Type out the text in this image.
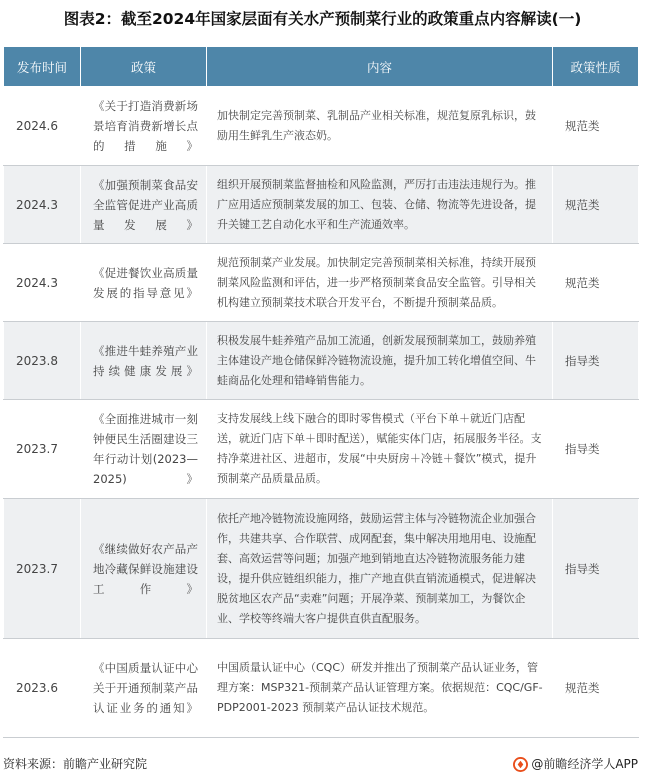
图表2：截至2024年国家层面有关水产预制菜行业的政策重点内容解读(一)
发布时间	政策	内容	政策性质
2024.6	《关于打造消费新场景培育消费新增长点的措施》	加快制定完善预制菜、乳制品产业相关标准，规范复原乳标识，鼓励用生鲜乳生产液态奶。	规范类
2024.3	《加强预制菜食品安全监管促进产业高质量发展》	组织开展预制菜监督抽检和风险监测，严厉打击违法违规行为。推广应用适应预制菜发展的加工、包装、仓储、物流等先进设备，提升关键工艺自动化水平和生产流通效率。	规范类
2024.3	《促进餐饮业高质量发展的指导意见》	规范预制菜产业发展。加快制定完善预制菜相关标准，持续开展预制菜风险监测和评估，进一步严格预制菜食品安全监管。引导相关机构建立预制菜技术联合开发平台，不断提升预制菜品质。	规范类
2023.8	《推进牛蛙养殖产业持续健康发展》	积极发展牛蛙养殖产品加工流通，创新发展预制菜加工，鼓励养殖主体建设产地仓储保鲜冷链物流设施，提升加工转化增值空间、牛蛙商品化处理和错峰销售能力。	指导类
2023.7	《全面推进城市一刻钟便民生活圈建设三年行动计划(2023—2025)》	支持发展线上线下融合的即时零售模式（平台下单＋就近门店配送，就近门店下单＋即时配送），赋能实体门店，拓展服务半径。支持净菜进社区、进超市，发展“中央厨房＋冷链＋餐饮”模式，提升预制菜产品质量品质。	指导类
2023.7	《继续做好农产品产地冷藏保鲜设施建设工作》	依托产地冷链物流设施网络，鼓励运营主体与冷链物流企业加强合作，共建共享、合作联营、成网配套，集中解决用地用电、设施配套、高效运营等问题；加强产地到销地直达冷链物流服务能力建设，提升供应链组织能力，推广产地直供直销流通模式，促进解决脱贫地区农产品“卖难”问题；开展净菜、预制菜加工，为餐饮企业、学校等终端大客户提供直供直配服务。	指导类
2023.6	《中国质量认证中心关于开通预制菜产品认证业务的通知》	中国质量认证中心（CQC）研发并推出了预制菜产品认证业务，管理方案：MSP321-预制菜产品认证管理方案。依据规范：CQC/GF-PDP2001-2023 预制菜产品认证技术规范。	规范类
资料来源：前瞻产业研究院	@前瞻经济学人APP
